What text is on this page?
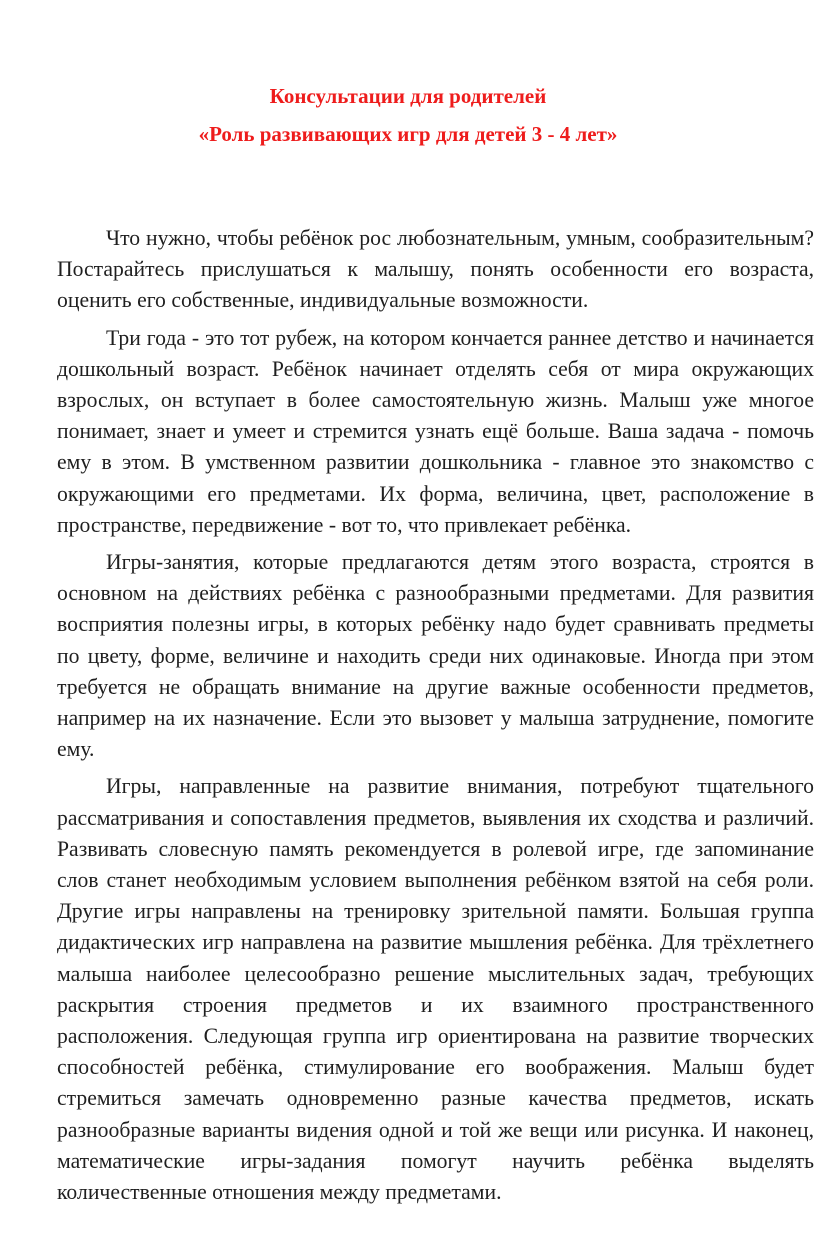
Консультации для родителей
«Роль развивающих игр для детей 3 - 4 лет»

Что нужно, чтобы ребёнок рос любознательным, умным, сообразительным? Постарайтесь прислушаться к малышу, понять особенности его возраста, оценить его собственные, индивидуальные возможности.

Три года - это тот рубеж, на котором кончается раннее детство и начинается дошкольный возраст. Ребёнок начинает отделять себя от мира окружающих взрослых, он вступает в более самостоятельную жизнь. Малыш уже многое понимает, знает и умеет и стремится узнать ещё больше. Ваша задача - помочь ему в этом. В умственном развитии дошкольника - главное это знакомство с окружающими его предметами. Их форма, величина, цвет, расположение в пространстве, передвижение - вот то, что привлекает ребёнка.

Игры-занятия, которые предлагаются детям этого возраста, строятся в основном на действиях ребёнка с разнообразными предметами. Для развития восприятия полезны игры, в которых ребёнку надо будет сравнивать предметы по цвету, форме, величине и находить среди них одинаковые. Иногда при этом требуется не обращать внимание на другие важные особенности предметов, например на их назначение. Если это вызовет у малыша затруднение, помогите ему.

Игры, направленные на развитие внимания, потребуют тщательного рассматривания и сопоставления предметов, выявления их сходства и различий. Развивать словесную память рекомендуется в ролевой игре, где запоминание слов станет необходимым условием выполнения ребёнком взятой на себя роли. Другие игры направлены на тренировку зрительной памяти. Большая группа дидактических игр направлена на развитие мышления ребёнка. Для трёхлетнего малыша наиболее целесообразно решение мыслительных задач, требующих раскрытия строения предметов и их взаимного пространственного расположения. Следующая группа игр ориентирована на развитие творческих способностей ребёнка, стимулирование его воображения. Малыш будет стремиться замечать одновременно разные качества предметов, искать разнообразные варианты видения одной и той же вещи или рисунка. И наконец, математические игры-задания помогут научить ребёнка выделять количественные отношения между предметами.
